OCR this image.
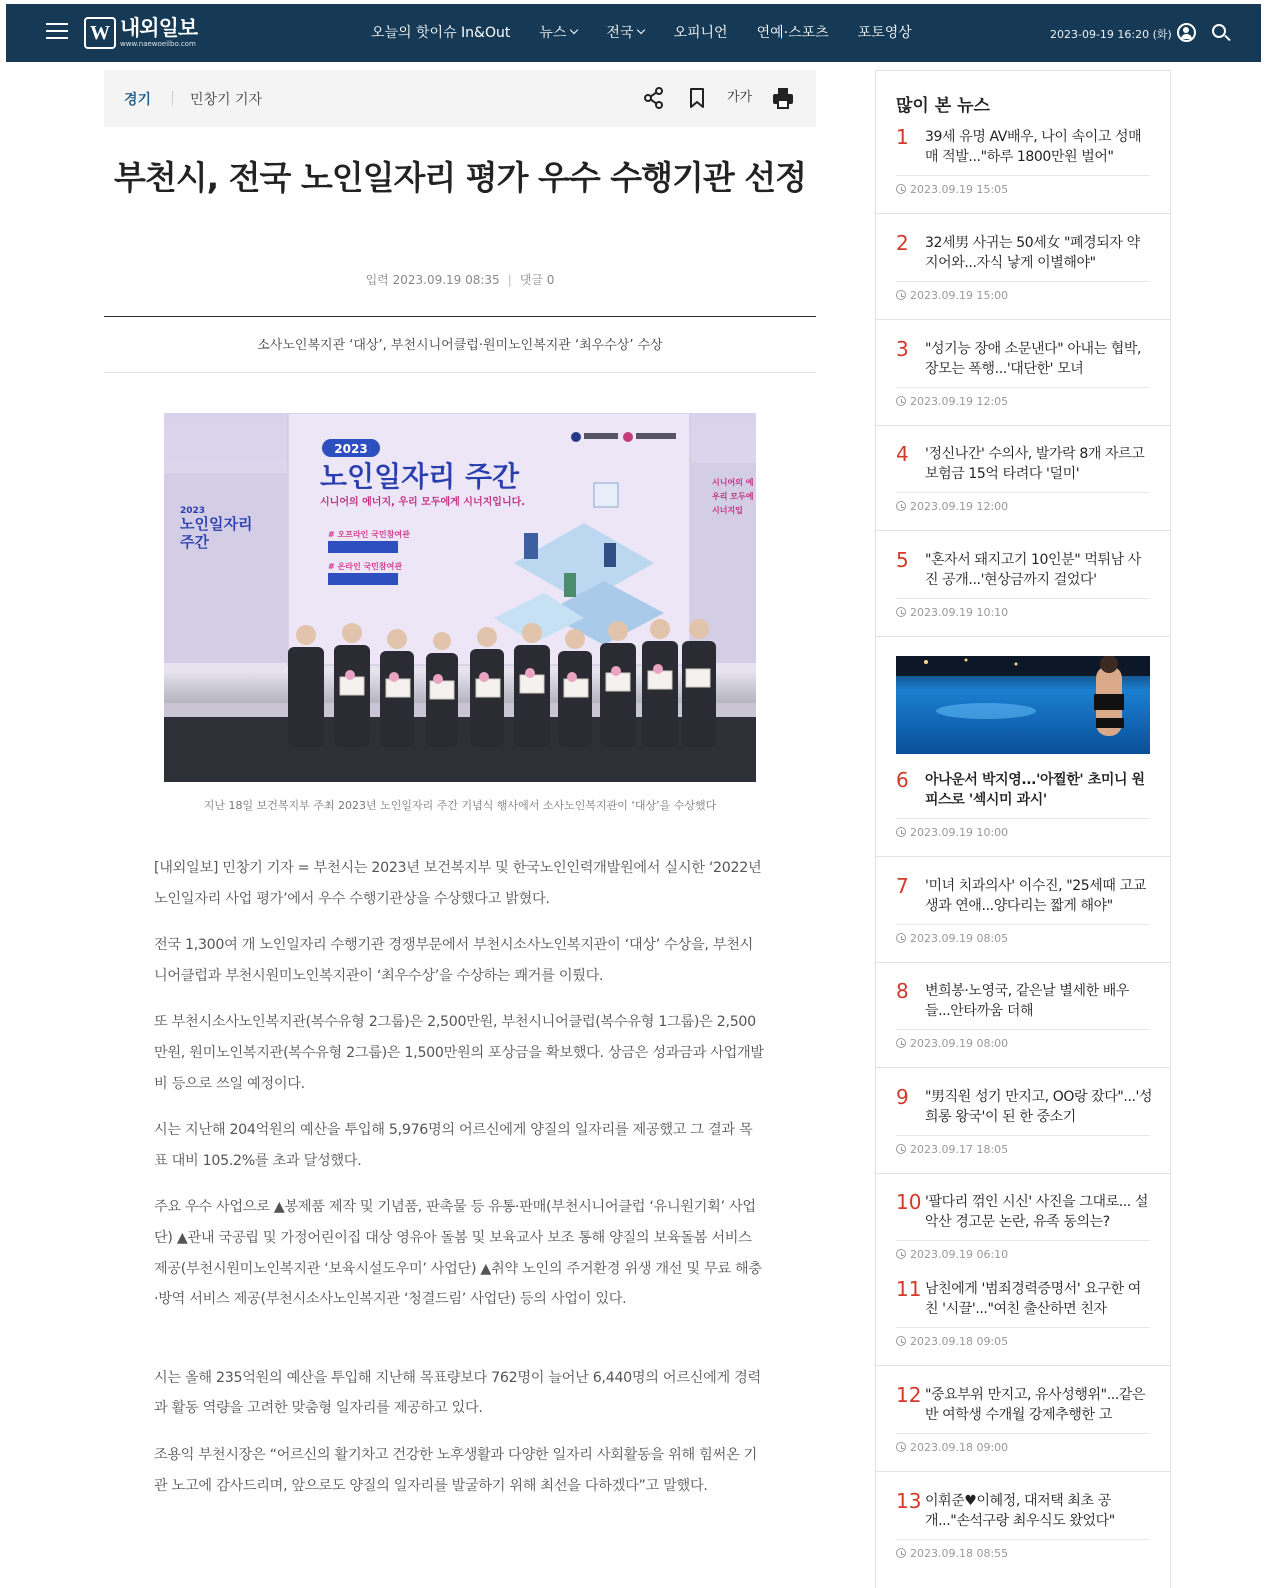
W 내외일보
www.naewoeilbo.com
오늘의 핫이슈 In&Out 뉴스	전국	오피니언 연예·스포츠 포토영상	2023-09-19 16:20 (화)
경기	민창기 기자	가가
부천시, 전국 노인일자리 평가 우수 수행기관 선정
입력 2023.09.19 08:35 | 댓글 0
소사노인복지관 ‘대상’, 부천시니어클럽·원미노인복지관 ‘최우수상’ 수상
2023
노인일자리 주간
시니어의 에너지, 우리 모두에게 시너지입니다.
# 오프라인 국민참여관
# 온라인 국민참여관
2023
노인일자리
주간
시니어의 에
우리 모두에
시너지입
지난 18일 보건복지부 주최 2023년 노인일자리 주간 기념식 행사에서 소사노인복지관이 ‘대상’을 수상했다

[내외일보] 민창기 기자 = 부천시는 2023년 보건복지부 및 한국노인인력개발원에서 실시한 ‘2022년 노인일자리 사업 평가’에서 우수 수행기관상을 수상했다고 밝혔다.

전국 1,300여 개 노인일자리 수행기관 경쟁부문에서 부천시소사노인복지관이 ‘대상’ 수상을, 부천시니어클럽과 부천시원미노인복지관이 ‘최우수상’을 수상하는 쾌거를 이뤘다.

또 부천시소사노인복지관(복수유형 2그룹)은 2,500만원, 부천시니어클럽(복수유형 1그룹)은 2,500만원, 원미노인복지관(복수유형 2그룹)은 1,500만원의 포상금을 확보했다. 상금은 성과금과 사업개발비 등으로 쓰일 예정이다.

시는 지난해 204억원의 예산을 투입해 5,976명의 어르신에게 양질의 일자리를 제공했고 그 결과 목표 대비 105.2%를 초과 달성했다.

주요 우수 사업으로 ▲봉제품 제작 및 기념품, 판촉물 등 유통·판매(부천시니어클럽 ‘유니원기획’ 사업단) ▲관내 국공립 및 가정어린이집 대상 영유아 돌봄 및 보육교사 보조 통해 양질의 보육돌봄 서비스 제공(부천시원미노인복지관 ‘보육시설도우미’ 사업단) ▲취약 노인의 주거환경 위생 개선 및 무료 해충·방역 서비스 제공(부천시소사노인복지관 ‘청결드림’ 사업단) 등의 사업이 있다.

시는 올해 235억원의 예산을 투입해 지난해 목표량보다 762명이 늘어난 6,440명의 어르신에게 경력과 활동 역량을 고려한 맞춤형 일자리를 제공하고 있다.

조용익 부천시장은 “어르신의 활기차고 건강한 노후생활과 다양한 일자리 사회활동을 위해 힘써온 기관 노고에 감사드리며, 앞으로도 양질의 일자리를 발굴하기 위해 최선을 다하겠다”고 말했다.

많이 본 뉴스
1 39세 유명 AV배우, 나이 속이고 성매매 적발..."하루 1800만원 벌어"
2023.09.19 15:05
2 32세男 사귀는 50세女 "폐경되자 약 지어와...자식 낳게 이별해야"
2023.09.19 15:00
3 "성기능 장애 소문낸다" 아내는 협박, 장모는 폭행...'대단한' 모녀
2023.09.19 12:05
4 '정신나간' 수의사, 발가락 8개 자르고 보험금 15억 타려다 '덜미'
2023.09.19 12:00
5 "혼자서 돼지고기 10인분" 먹튀남 사진 공개...'현상금까지 걸었다'
2023.09.19 10:10
6 아나운서 박지영...'아찔한' 초미니 원피스로 '섹시미 과시'
2023.09.19 10:00
7 '미녀 치과의사' 이수진, "25세때 고교생과 연애...양다리는 짧게 해야"
2023.09.19 08:05
8 변희봉·노영국, 같은날 별세한 배우들...안타까움 더해
2023.09.19 08:00
9 "男직원 성기 만지고, OO랑 잤다"...'성희롱 왕국'이 된 한 중소기
2023.09.17 18:05
10 '팔다리 꺾인 시신' 사진을 그대로... 설악산 경고문 논란, 유족 동의는?
2023.09.19 06:10
11 남친에게 '범죄경력증명서' 요구한 여친 '시끌'..."여친 출산하면 친자
2023.09.18 09:05
12 "중요부위 만지고, 유사성행위"...같은반 여학생 수개월 강제추행한 고
2023.09.18 09:00
13 이휘준♥이혜정, 대저택 최초 공개..."손석구랑 최우식도 왔었다"
2023.09.18 08:55
